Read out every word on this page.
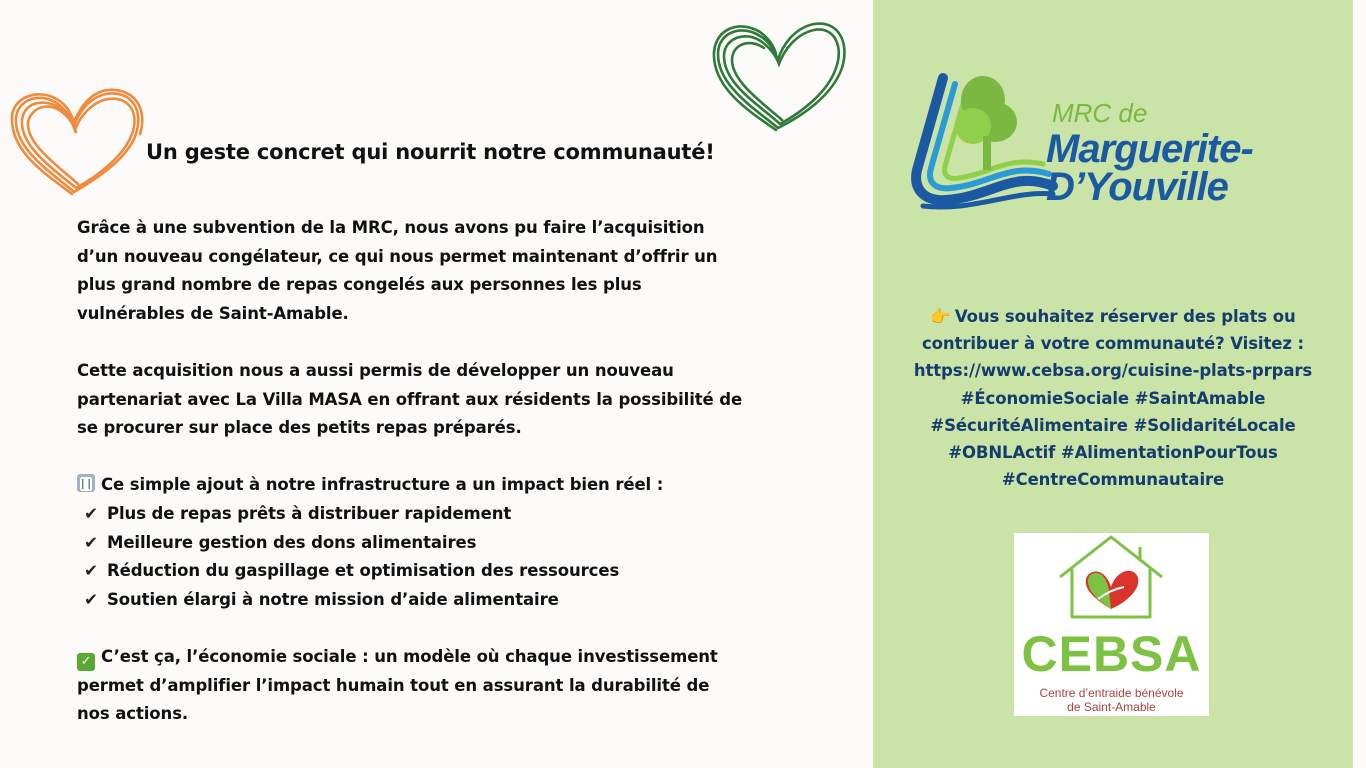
Un geste concret qui nourrit notre communauté!

Grâce à une subvention de la MRC, nous avons pu faire l’acquisition

d’un nouveau congélateur, ce qui nous permet maintenant d’offrir un

plus grand nombre de repas congelés aux personnes les plus

vulnérables de Saint-Amable.

Cette acquisition nous a aussi permis de développer un nouveau

partenariat avec La Villa MASA en offrant aux résidents la possibilité de

se procurer sur place des petits repas préparés.

Ce simple ajout à notre infrastructure a un impact bien réel :

✔ Plus de repas prêts à distribuer rapidement

✔ Meilleure gestion des dons alimentaires

✔ Réduction du gaspillage et optimisation des ressources

✔ Soutien élargi à notre mission d’aide alimentaire

✓ C’est ça, l’économie sociale : un modèle où chaque investissement

permet d’amplifier l’impact humain tout en assurant la durabilité de

nos actions.

MRC de
Marguerite-
D’Youville
👉 Vous souhaitez réserver des plats ou
contribuer à votre communauté? Visitez :
https://www.cebsa.org/cuisine-plats-prpars
#ÉconomieSociale #SaintAmable
#SécuritéAlimentaire #SolidaritéLocale
#OBNLActif #AlimentationPourTous
#CentreCommunautaire
CEBSA
Centre d’entraide bénévole
de Saint-Amable
